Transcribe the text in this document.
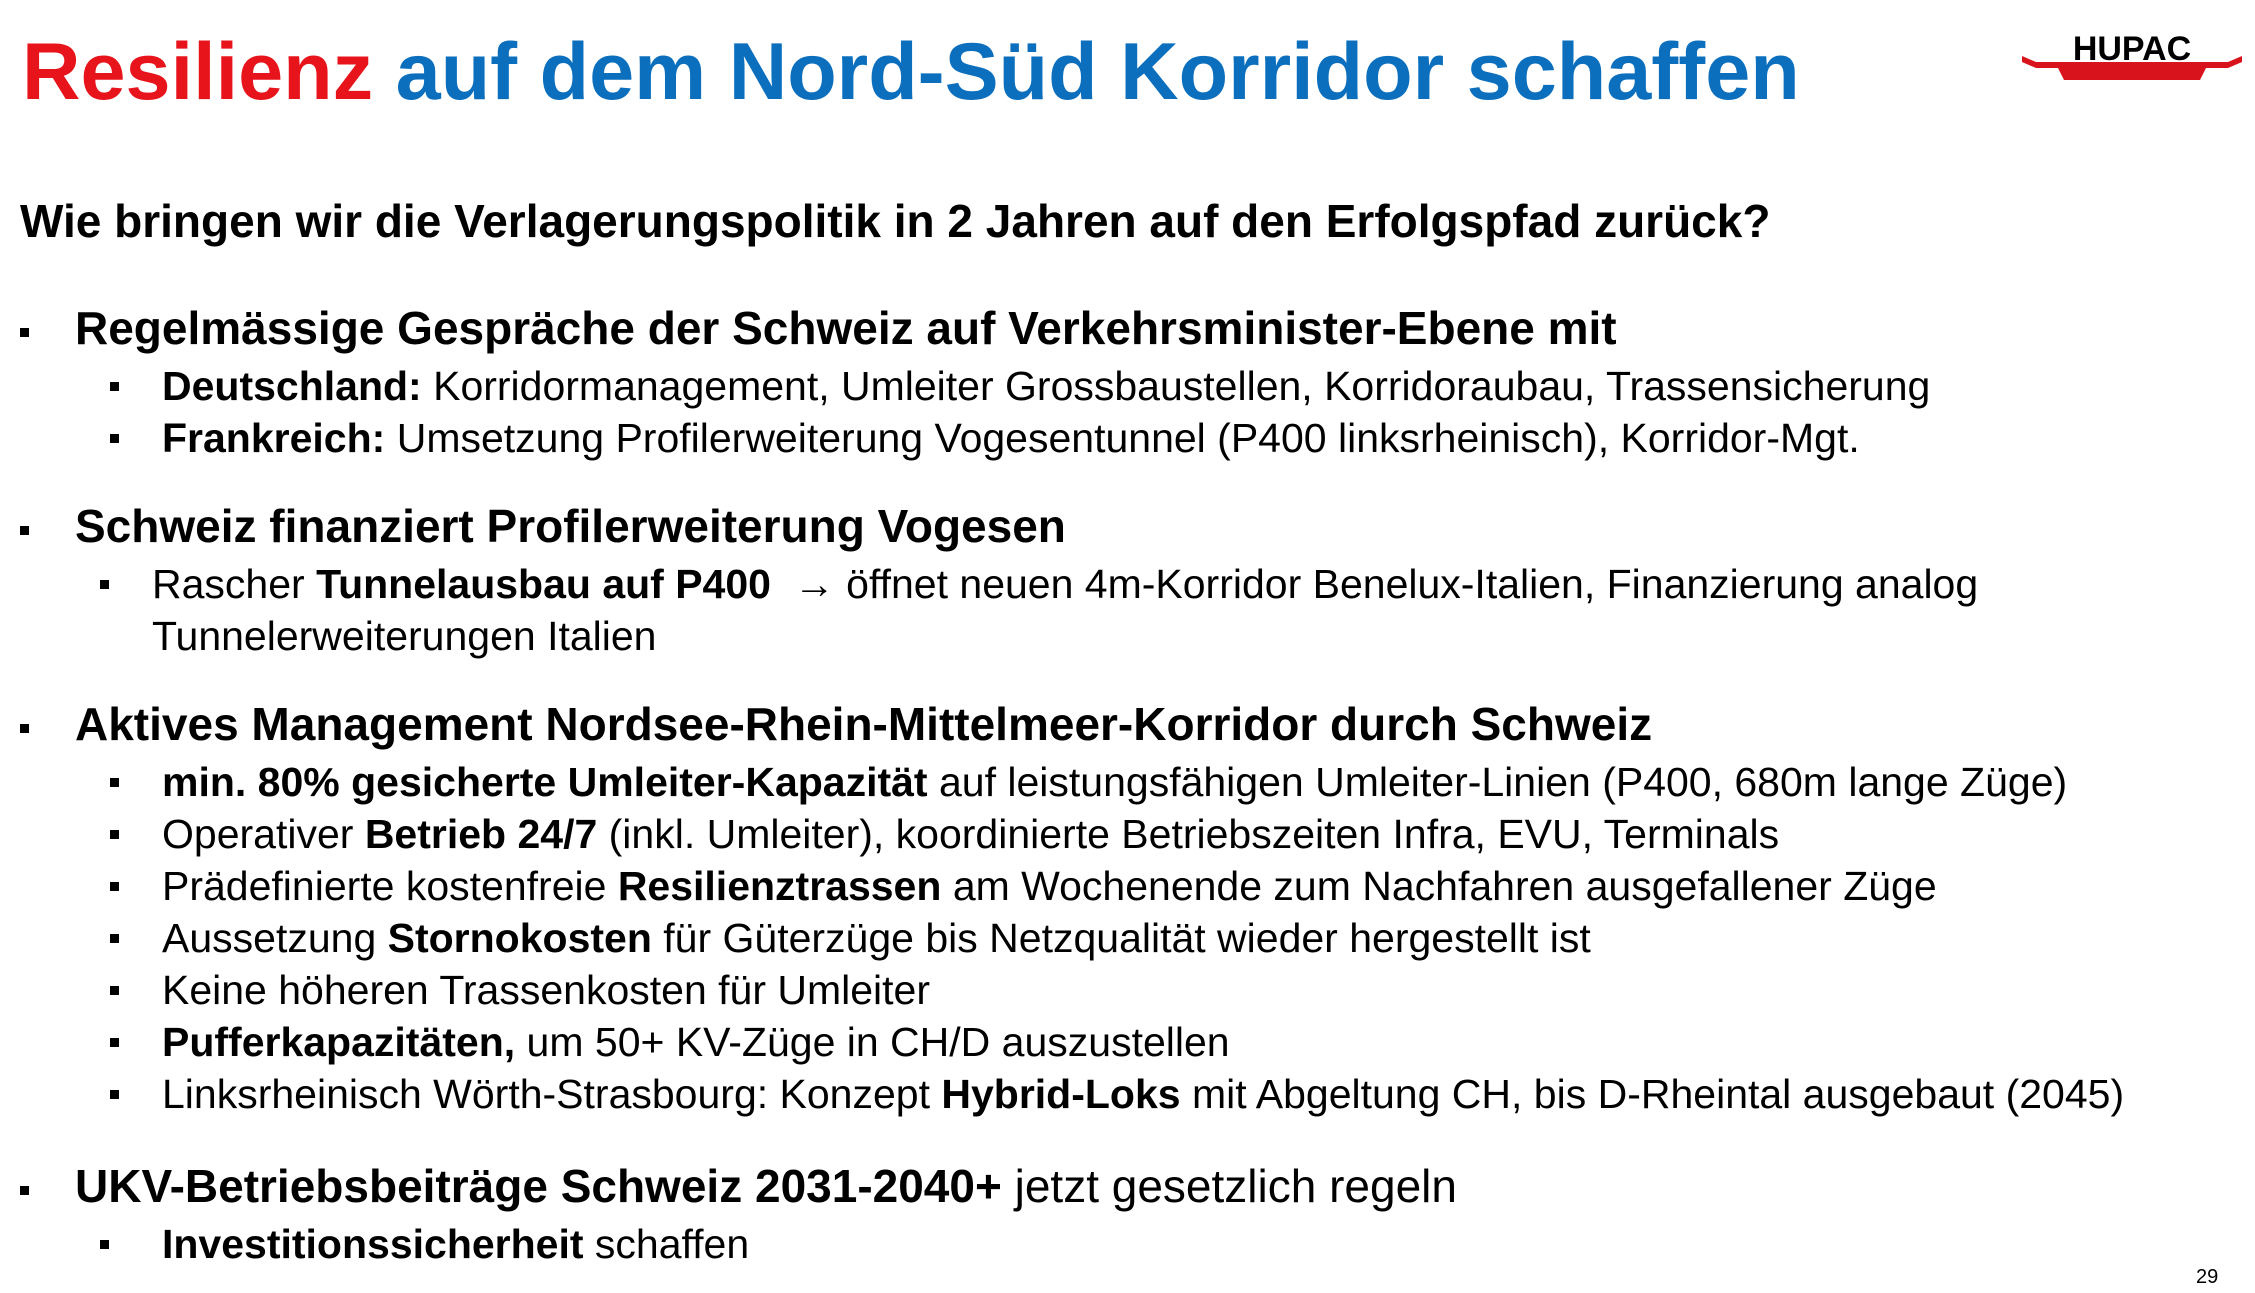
Resilienz auf dem Nord-Süd Korridor schaffen	HUPAC
Wie bringen wir die Verlagerungspolitik in 2 Jahren auf den Erfolgspfad zurück?
Regelmässige Gespräche der Schweiz auf Verkehrsminister-Ebene mit
Deutschland: Korridormanagement, Umleiter Grossbaustellen, Korridoraubau, Trassensicherung
Frankreich: Umsetzung Profilerweiterung Vogesentunnel (P400 linksrheinisch), Korridor-Mgt.
Schweiz finanziert Profilerweiterung Vogesen
Rascher Tunnelausbau auf P400 → öffnet neuen 4m-Korridor Benelux-Italien, Finanzierung analog
Tunnelerweiterungen Italien
Aktives Management Nordsee-Rhein-Mittelmeer-Korridor durch Schweiz
min. 80% gesicherte Umleiter-Kapazität auf leistungsfähigen Umleiter-Linien (P400, 680m lange Züge)
Operativer Betrieb 24/7 (inkl. Umleiter), koordinierte Betriebszeiten Infra, EVU, Terminals
Prädefinierte kostenfreie Resilienztrassen am Wochenende zum Nachfahren ausgefallener Züge
Aussetzung Stornokosten für Güterzüge bis Netzqualität wieder hergestellt ist
Keine höheren Trassenkosten für Umleiter
Pufferkapazitäten, um 50+ KV-Züge in CH/D auszustellen
Linksrheinisch Wörth-Strasbourg: Konzept Hybrid-Loks mit Abgeltung CH, bis D-Rheintal ausgebaut (2045)
UKV-Betriebsbeiträge Schweiz 2031-2040+ jetzt gesetzlich regeln
Investitionssicherheit schaffen
29
